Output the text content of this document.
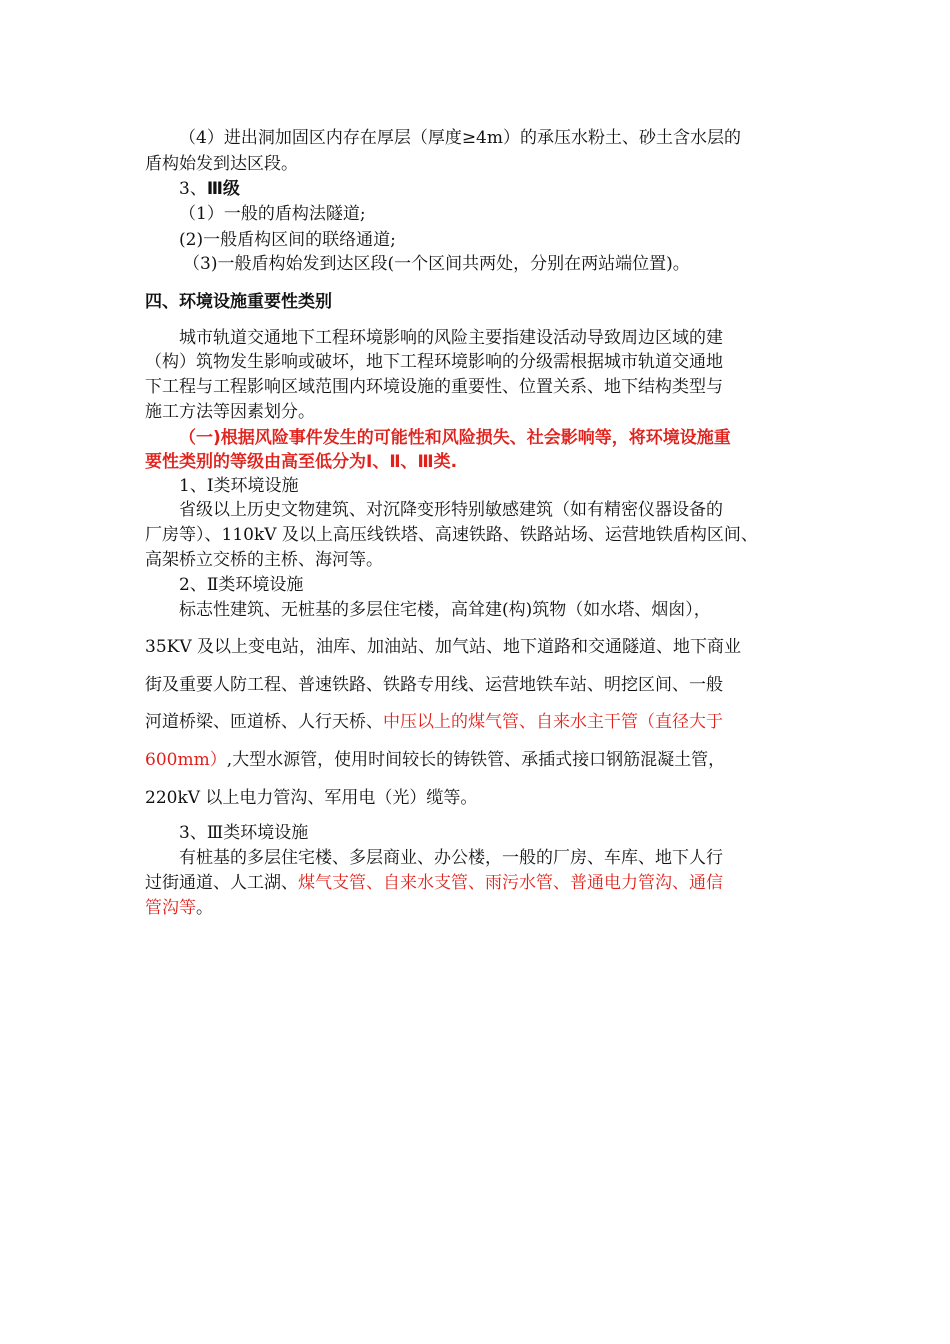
（4）进出洞加固区内存在厚层（厚度≥4m）的承压水粉土、砂土含水层的
盾构始发到达区段。
3、Ⅲ级
（1）一般的盾构法隧道;
(2)一般盾构区间的联络通道;
（3)一般盾构始发到达区段(一个区间共两处，分别在两站端位置)。
四、环境设施重要性类别
城市轨道交通地下工程环境影响的风险主要指建设活动导致周边区域的建
（构）筑物发生影响或破坏，地下工程环境影响的分级需根据城市轨道交通地
下工程与工程影响区域范围内环境设施的重要性、位置关系、地下结构类型与
施工方法等因素划分。
（一)根据风险事件发生的可能性和风险损失、社会影响等，将环境设施重
要性类别的等级由高至低分为Ⅰ、Ⅱ、Ⅲ类.
1、Ⅰ类环境设施
省级以上历史文物建筑、对沉降变形特别敏感建筑（如有精密仪器设备的
厂房等）、110kV 及以上高压线铁塔、高速铁路、铁路站场、运营地铁盾构区间、
高架桥立交桥的主桥、海河等。
2、Ⅱ类环境设施
标志性建筑、无桩基的多层住宅楼，高耸建(构)筑物（如水塔、烟囱），
35KV 及以上变电站，油库、加油站、加气站、地下道路和交通隧道、地下商业
街及重要人防工程、普速铁路、铁路专用线、运营地铁车站、明挖区间、一般
河道桥梁、匝道桥、人行天桥、中压以上的煤气管、自来水主干管（直径大于
600mm）,大型水源管，使用时间较长的铸铁管、承插式接口钢筋混凝土管，
220kV 以上电力管沟、军用电（光）缆等。
3、Ⅲ类环境设施
有桩基的多层住宅楼、多层商业、办公楼，一般的厂房、车库、地下人行
过街通道、人工湖、煤气支管、自来水支管、雨污水管、普通电力管沟、通信
管沟等。
